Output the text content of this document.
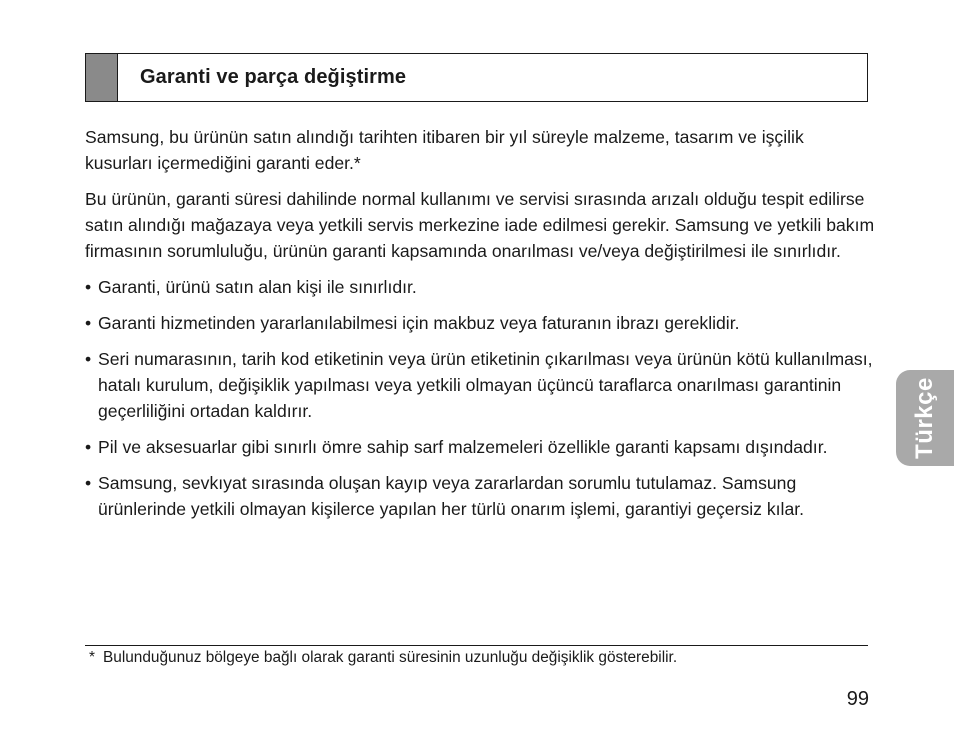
Garanti ve parça değiştirme

Samsung, bu ürünün satın alındığı tarihten itibaren bir yıl süreyle malzeme, tasarım ve işçilik kusurları içermediğini garanti eder.*

Bu ürünün, garanti süresi dahilinde normal kullanımı ve servisi sırasında arızalı olduğu tespit edilirse satın alındığı mağazaya veya yetkili servis merkezine iade edilmesi gerekir. Samsung ve yetkili bakım firmasının sorumluluğu, ürünün garanti kapsamında onarılması ve/veya değiştirilmesi ile sınırlıdır.

• Garanti, ürünü satın alan kişi ile sınırlıdır.
• Garanti hizmetinden yararlanılabilmesi için makbuz veya faturanın ibrazı gereklidir.
• Seri numarasının, tarih kod etiketinin veya ürün etiketinin çıkarılması veya ürünün kötü kullanılması, hatalı kurulum, değişiklik yapılması veya yetkili olmayan üçüncü taraflarca onarılması garantinin geçerliliğini ortadan kaldırır.
• Pil ve aksesuarlar gibi sınırlı ömre sahip sarf malzemeleri özellikle garanti kapsamı dışındadır.
• Samsung, sevkıyat sırasında oluşan kayıp veya zararlardan sorumlu tutulamaz. Samsung ürünlerinde yetkili olmayan kişilerce yapılan her türlü onarım işlemi, garantiyi geçersiz kılar.
* Bulunduğunuz bölgeye bağlı olarak garanti süresinin uzunluğu değişiklik gösterebilir.
99
Türkçe
